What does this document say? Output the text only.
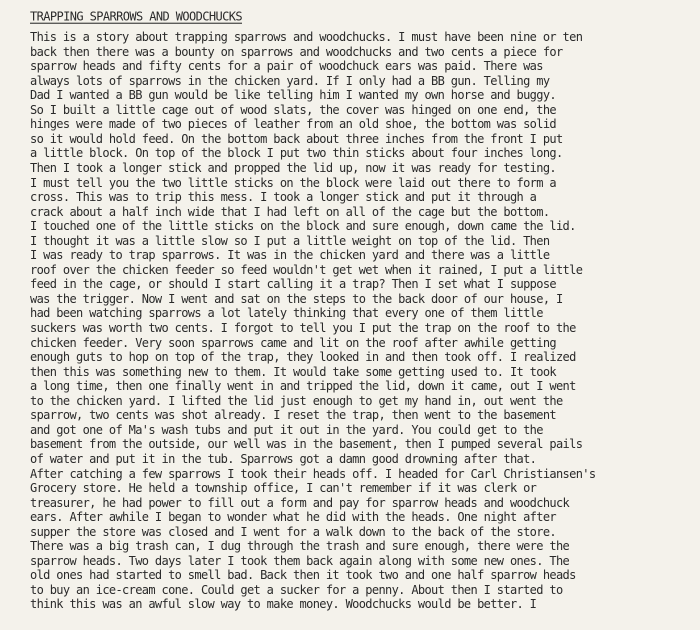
TRAPPING SPARROWS AND WOODCHUCKS
This is a story about trapping sparrows and woodchucks. I must have been nine or ten
back then there was a bounty on sparrows and woodchucks and two cents a piece for
sparrow heads and fifty cents for a pair of woodchuck ears was paid. There was
always lots of sparrows in the chicken yard. If I only had a BB gun. Telling my
Dad I wanted a BB gun would be like telling him I wanted my own horse and buggy.
So I built a little cage out of wood slats, the cover was hinged on one end, the
hinges were made of two pieces of leather from an old shoe, the bottom was solid
so it would hold feed. On the bottom back about three inches from the front I put
a little block. On top of the block I put two thin sticks about four inches long.
Then I took a longer stick and propped the lid up, now it was ready for testing.
I must tell you the two little sticks on the block were laid out there to form a
cross. This was to trip this mess. I took a longer stick and put it through a
crack about a half inch wide that I had left on all of the cage but the bottom.
I touched one of the little sticks on the block and sure enough, down came the lid.
I thought it was a little slow so I put a little weight on top of the lid. Then
I was ready to trap sparrows. It was in the chicken yard and there was a little
roof over the chicken feeder so feed wouldn't get wet when it rained, I put a little
feed in the cage, or should I start calling it a trap? Then I set what I suppose
was the trigger. Now I went and sat on the steps to the back door of our house, I
had been watching sparrows a lot lately thinking that every one of them little
suckers was worth two cents. I forgot to tell you I put the trap on the roof to the
chicken feeder. Very soon sparrows came and lit on the roof after awhile getting
enough guts to hop on top of the trap, they looked in and then took off. I realized
then this was something new to them. It would take some getting used to. It took
a long time, then one finally went in and tripped the lid, down it came, out I went
to the chicken yard. I lifted the lid just enough to get my hand in, out went the
sparrow, two cents was shot already. I reset the trap, then went to the basement
and got one of Ma's wash tubs and put it out in the yard. You could get to the
basement from the outside, our well was in the basement, then I pumped several pails
of water and put it in the tub. Sparrows got a damn good drowning after that.
After catching a few sparrows I took their heads off. I headed for Carl Christiansen's
Grocery store. He held a township office, I can't remember if it was clerk or
treasurer, he had power to fill out a form and pay for sparrow heads and woodchuck
ears. After awhile I began to wonder what he did with the heads. One night after
supper the store was closed and I went for a walk down to the back of the store.
There was a big trash can, I dug through the trash and sure enough, there were the
sparrow heads. Two days later I took them back again along with some new ones. The
old ones had started to smell bad. Back then it took two and one half sparrow heads
to buy an ice-cream cone. Could get a sucker for a penny. About then I started to
think this was an awful slow way to make money. Woodchucks would be better. I
